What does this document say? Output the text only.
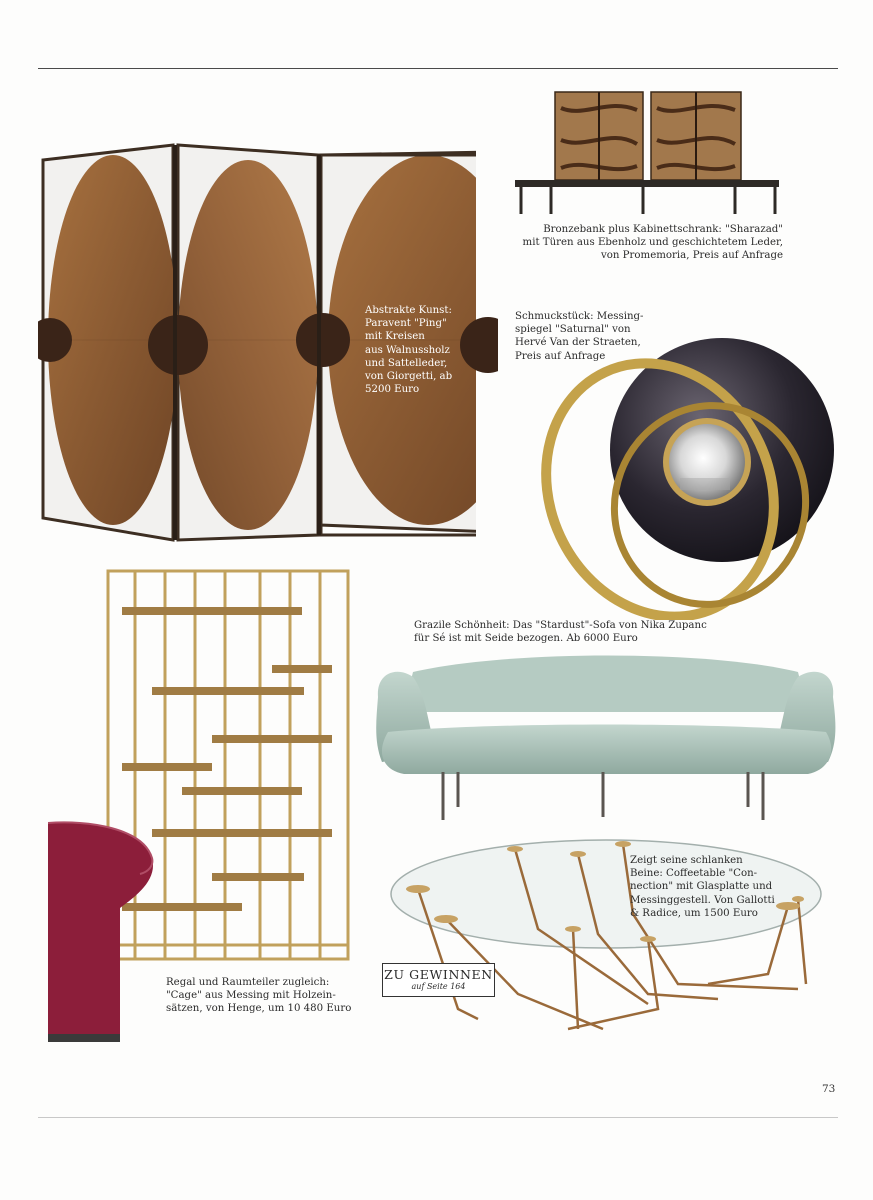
Abstrakte Kunst:
Paravent "Ping"
mit Kreisen
aus Walnussholz
und Sattelleder,
von Giorgetti, ab
5200 Euro
Bronzebank plus Kabinettschrank: "Sharazad"
mit Türen aus Ebenholz und geschichtetem Leder,
von Promemoria, Preis auf Anfrage
Schmuckstück: Messing-
spiegel "Saturnal" von
Hervé Van der Straeten,
Preis auf Anfrage
Regal und Raumteiler zugleich:
"Cage" aus Messing mit Holzein-
sätzen, von Henge, um 10 480 Euro
Grazile Schönheit: Das "Stardust"-Sofa von Nika Zupanc
für Sé ist mit Seide bezogen. Ab 6000 Euro
Zeigt seine schlanken
Beine: Coffeetable "Con-
nection" mit Glasplatte und
Messinggestell. Von Gallotti
& Radice, um 1500 Euro
ZU GEWINNEN
auf Seite 164
73
